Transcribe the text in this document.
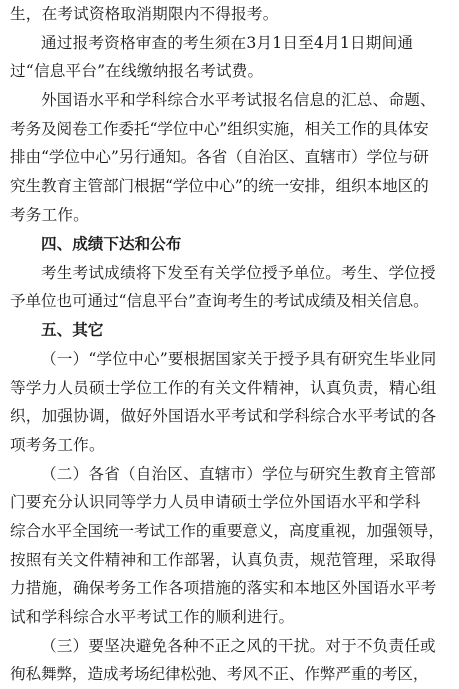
生，在考试资格取消期限内不得报考。
通过报考资格审查的考生须在3月1日至4月1日期间通
过“信息平台”在线缴纳报名考试费。
外国语水平和学科综合水平考试报名信息的汇总、命题、
考务及阅卷工作委托“学位中心”组织实施，相关工作的具体安
排由“学位中心”另行通知。各省（自治区、直辖市）学位与研
究生教育主管部门根据“学位中心”的统一安排，组织本地区的
考务工作。
四、成绩下达和公布
考生考试成绩将下发至有关学位授予单位。考生、学位授
予单位也可通过“信息平台”查询考生的考试成绩及相关信息。
五、其它
（一）“学位中心”要根据国家关于授予具有研究生毕业同
等学力人员硕士学位工作的有关文件精神，认真负责，精心组
织，加强协调，做好外国语水平考试和学科综合水平考试的各
项考务工作。
（二）各省（自治区、直辖市）学位与研究生教育主管部
门要充分认识同等学力人员申请硕士学位外国语水平和学科
综合水平全国统一考试工作的重要意义，高度重视，加强领导，
按照有关文件精神和工作部署，认真负责，规范管理，采取得
力措施，确保考务工作各项措施的落实和本地区外国语水平考
试和学科综合水平考试工作的顺利进行。
（三）要坚决避免各种不正之风的干扰。对于不负责任或
徇私舞弊，造成考场纪律松弛、考风不正、作弊严重的考区，
